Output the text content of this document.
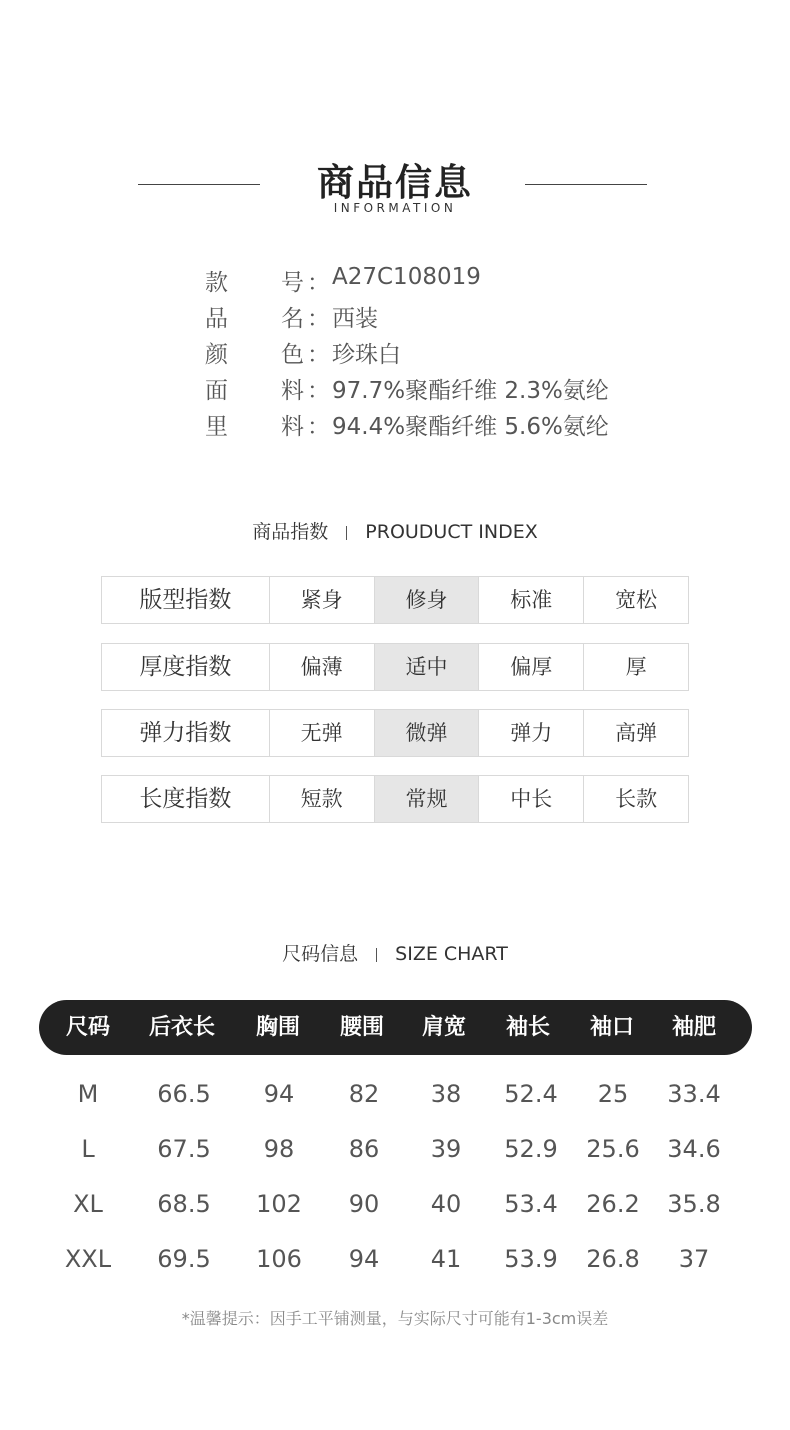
商品信息
INFORMATION
款 号 ： A27C108019
品 名 ： 西装
颜 色 ： 珍珠白
面 料 ： 97.7%聚酯纤维 2.3%氨纶
里 料 ： 94.4%聚酯纤维 5.6%氨纶
商品指数 PROUDUCT INDEX
版型指数	紧身	修身	标准	宽松
厚度指数	偏薄	适中	偏厚	厚
弹力指数	无弹	微弹	弹力	高弹
长度指数	短款	常规	中长	长款
尺码信息 SIZE CHART
尺码	后衣长	胸围	腰围	肩宽	袖长	袖口	袖肥
M	66.5	94	82	38	52.4	25	33.4
L	67.5	98	86	39	52.9	25.6	34.6
XL	68.5	102	90	40	53.4	26.2	35.8
XXL	69.5	106	94	41	53.9	26.8	37
*温馨提示：因手工平铺测量，与实际尺寸可能有1-3cm误差
